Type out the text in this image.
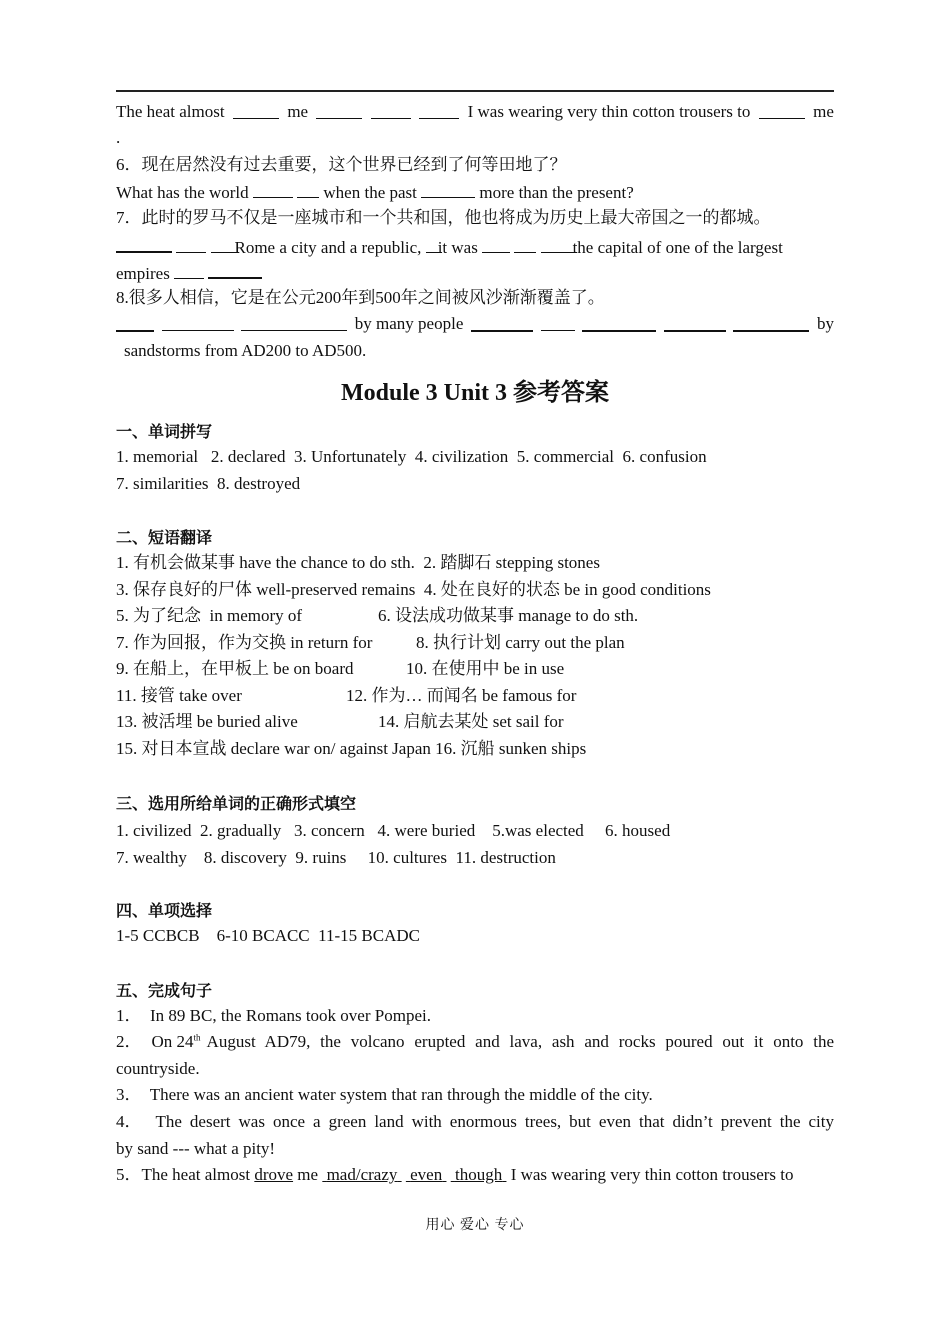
The heat almost	me	I was wearing very thin cotton trousers to	me
.
6．现在居然没有过去重要，这个世界已经到了何等田地了？
What has the world	when the past	more than the present?
7．此时的罗马不仅是一座城市和一个共和国，他也将成为历史上最大帝国之一的都城。
Rome a city and a republic, it was	the capital of one of the largest
empires	.
8.很多人相信，它是在公元200年到500年之间被风沙渐渐覆盖了。
by many people	by
sandstorms from AD200 to AD500.
Module 3 Unit 3 参考答案
一、单词拼写
1. memorial   2. declared  3. Unfortunately  4. civilization  5. commercial  6. confusion
7. similarities  8. destroyed
二、短语翻译
1. 有机会做某事 have the chance to do sth. 2. 踏脚石 stepping stones
3. 保存良好的尸体 well-preserved remains 4. 处在良好的状态 be in good conditions
5. 为了纪念  in memory of	6. 设法成功做某事 manage to do sth.
7. 作为回报，作为交换 in return for	8. 执行计划 carry out the plan
9. 在船上，在甲板上 be on board	10. 在使用中 be in use
11. 接管 take over	12. 作为… 而闻名 be famous for
13. 被活埋 be buried alive	14. 启航去某处 set sail for
15. 对日本宣战 declare war on/ against Japan 16. 沉船 sunken ships
三、选用所给单词的正确形式填空
1. civilized  2. gradually   3. concern   4. were buried    5.was elected     6. housed
7. wealthy    8. discovery  9. ruins     10. cultures  11. destruction
四、单项选择
1-5 CCBCB    6-10 BCACC  11-15 BCADC
五、完成句子
1．  In 89 BC, the Romans took over Pompei.
2． On 24th August AD79, the volcano erupted and lava, ash and rocks poured out it onto the
countryside.
3．  There was an ancient water system that ran through the middle of the city.
4． The desert was once a green land with enormous trees, but even that didn’t prevent the city
by sand --- what a pity!
5．The heat almost drove me mad/crazy even though I was wearing very thin cotton trousers to
用心 爱心 专心
